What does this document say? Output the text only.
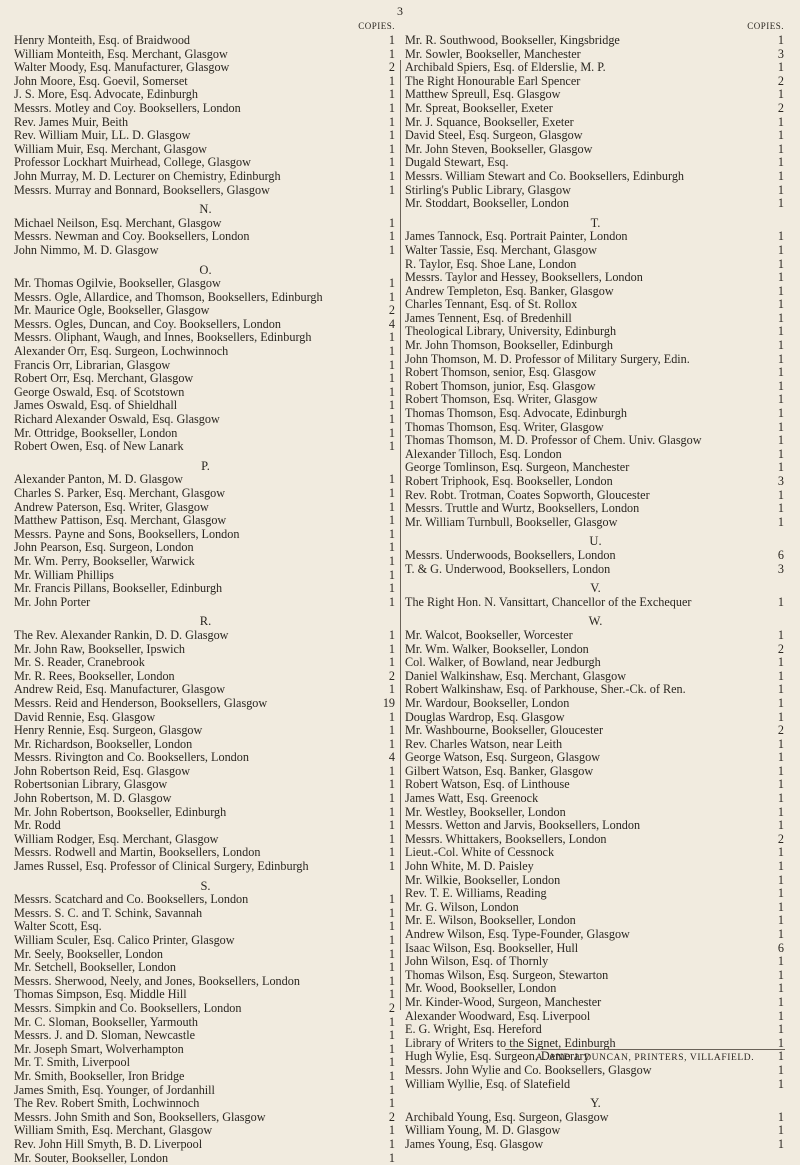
3
COPIES.
Henry Monteith, Esq. of Braidwood	1
William Monteith, Esq. Merchant, Glasgow	1
Walter Moody, Esq. Manufacturer, Glasgow	2
John Moore, Esq. Goevil, Somerset	1
J. S. More, Esq. Advocate, Edinburgh	1
Messrs. Motley and Coy. Booksellers, London	1
Rev. James Muir, Beith	1
Rev. William Muir, LL. D. Glasgow	1
William Muir, Esq. Merchant, Glasgow	1
Professor Lockhart Muirhead, College, Glasgow	1
John Murray, M. D. Lecturer on Chemistry, Edinburgh	1
Messrs. Murray and Bonnard, Booksellers, Glasgow	1
N.
Michael Neilson, Esq. Merchant, Glasgow	1
Messrs. Newman and Coy. Booksellers, London	1
John Nimmo, M. D. Glasgow	1
O.
Mr. Thomas Ogilvie, Bookseller, Glasgow	1
Messrs. Ogle, Allardice, and Thomson, Booksellers, Edinburgh	1
Mr. Maurice Ogle, Bookseller, Glasgow	2
Messrs. Ogles, Duncan, and Coy. Booksellers, London	4
Messrs. Oliphant, Waugh, and Innes, Booksellers, Edinburgh	1
Alexander Orr, Esq. Surgeon, Lochwinnoch	1
Francis Orr, Librarian, Glasgow	1
Robert Orr, Esq. Merchant, Glasgow	1
George Oswald, Esq. of Scotstown	1
James Oswald, Esq. of Shieldhall	1
Richard Alexander Oswald, Esq. Glasgow	1
Mr. Ottridge, Bookseller, London	1
Robert Owen, Esq. of New Lanark	1
P.
Alexander Panton, M. D. Glasgow	1
Charles S. Parker, Esq. Merchant, Glasgow	1
Andrew Paterson, Esq. Writer, Glasgow	1
Matthew Pattison, Esq. Merchant, Glasgow	1
Messrs. Payne and Sons, Booksellers, London	1
John Pearson, Esq. Surgeon, London	1
Mr. Wm. Perry, Bookseller, Warwick	1
Mr. William Phillips	1
Mr. Francis Pillans, Bookseller, Edinburgh	1
Mr. John Porter	1
R.
The Rev. Alexander Rankin, D. D. Glasgow	1
Mr. John Raw, Bookseller, Ipswich	1
Mr. S. Reader, Cranebrook	1
Mr. R. Rees, Bookseller, London	2
Andrew Reid, Esq. Manufacturer, Glasgow	1
Messrs. Reid and Henderson, Booksellers, Glasgow	19
David Rennie, Esq. Glasgow	1
Henry Rennie, Esq. Surgeon, Glasgow	1
Mr. Richardson, Bookseller, London	1
Messrs. Rivington and Co. Booksellers, London	4
John Robertson Reid, Esq. Glasgow	1
Robertsonian Library, Glasgow	1
John Robertson, M. D. Glasgow	1
Mr. John Robertson, Bookseller, Edinburgh	1
Mr. Rodd	1
William Rodger, Esq. Merchant, Glasgow	1
Messrs. Rodwell and Martin, Booksellers, London	1
James Russel, Esq. Professor of Clinical Surgery, Edinburgh	1
S.
Messrs. Scatchard and Co. Booksellers, London	1
Messrs. S. C. and T. Schink, Savannah	1
Walter Scott, Esq.	1
William Sculer, Esq. Calico Printer, Glasgow	1
Mr. Seely, Bookseller, London	1
Mr. Setchell, Bookseller, London	1
Messrs. Sherwood, Neely, and Jones, Booksellers, London	1
Thomas Simpson, Esq. Middle Hill	1
Messrs. Simpkin and Co. Booksellers, London	2
Mr. C. Sloman, Bookseller, Yarmouth	1
Messrs. J. and D. Sloman, Newcastle	1
Mr. Joseph Smart, Wolverhampton	1
Mr. T. Smith, Liverpool	1
Mr. Smith, Bookseller, Iron Bridge	1
James Smith, Esq. Younger, of Jordanhill	1
The Rev. Robert Smith, Lochwinnoch	1
Messrs. John Smith and Son, Booksellers, Glasgow	2
William Smith, Esq. Merchant, Glasgow	1
Rev. John Hill Smyth, B. D. Liverpool	1
Mr. Souter, Bookseller, London	1
COPIES.
Mr. R. Southwood, Bookseller, Kingsbridge	1
Mr. Sowler, Bookseller, Manchester	3
Archibald Spiers, Esq. of Elderslie, M. P.	1
The Right Honourable Earl Spencer	2
Matthew Spreull, Esq. Glasgow	1
Mr. Spreat, Bookseller, Exeter	2
Mr. J. Squance, Bookseller, Exeter	1
David Steel, Esq. Surgeon, Glasgow	1
Mr. John Steven, Bookseller, Glasgow	1
Dugald Stewart, Esq.	1
Messrs. William Stewart and Co. Booksellers, Edinburgh	1
Stirling's Public Library, Glasgow	1
Mr. Stoddart, Bookseller, London	1
T.
James Tannock, Esq. Portrait Painter, London	1
Walter Tassie, Esq. Merchant, Glasgow	1
R. Taylor, Esq. Shoe Lane, London	1
Messrs. Taylor and Hessey, Booksellers, London	1
Andrew Templeton, Esq. Banker, Glasgow	1
Charles Tennant, Esq. of St. Rollox	1
James Tennent, Esq. of Bredenhill	1
Theological Library, University, Edinburgh	1
Mr. John Thomson, Bookseller, Edinburgh	1
John Thomson, M. D. Professor of Military Surgery, Edin.	1
Robert Thomson, senior, Esq. Glasgow	1
Robert Thomson, junior, Esq. Glasgow	1
Robert Thomson, Esq. Writer, Glasgow	1
Thomas Thomson, Esq. Advocate, Edinburgh	1
Thomas Thomson, Esq. Writer, Glasgow	1
Thomas Thomson, M. D. Professor of Chem. Univ. Glasgow	1
Alexander Tilloch, Esq. London	1
George Tomlinson, Esq. Surgeon, Manchester	1
Robert Triphook, Esq. Bookseller, London	3
Rev. Robt. Trotman, Coates Sopworth, Gloucester	1
Messrs. Truttle and Wurtz, Booksellers, London	1
Mr. William Turnbull, Bookseller, Glasgow	1
U.
Messrs. Underwoods, Booksellers, London	6
T. & G. Underwood, Booksellers, London	3
V.
The Right Hon. N. Vansittart, Chancellor of the Exchequer	1
W.
Mr. Walcot, Bookseller, Worcester	1
Mr. Wm. Walker, Bookseller, London	2
Col. Walker, of Bowland, near Jedburgh	1
Daniel Walkinshaw, Esq. Merchant, Glasgow	1
Robert Walkinshaw, Esq. of Parkhouse, Sher.-Ck. of Ren.	1
Mr. Wardour, Bookseller, London	1
Douglas Wardrop, Esq. Glasgow	1
Mr. Washbourne, Bookseller, Gloucester	2
Rev. Charles Watson, near Leith	1
George Watson, Esq. Surgeon, Glasgow	1
Gilbert Watson, Esq. Banker, Glasgow	1
Robert Watson, Esq. of Linthouse	1
James Watt, Esq. Greenock	1
Mr. Westley, Bookseller, London	1
Messrs. Wetton and Jarvis, Booksellers, London	1
Messrs. Whittakers, Booksellers, London	2
Lieut.-Col. White of Cessnock	1
John White, M. D. Paisley	1
Mr. Wilkie, Bookseller, London	1
Rev. T. E. Williams, Reading	1
Mr. G. Wilson, London	1
Mr. E. Wilson, Bookseller, London	1
Andrew Wilson, Esq. Type-Founder, Glasgow	1
Isaac Wilson, Esq. Bookseller, Hull	6
John Wilson, Esq. of Thornly	1
Thomas Wilson, Esq. Surgeon, Stewarton	1
Mr. Wood, Bookseller, London	1
Mr. Kinder-Wood, Surgeon, Manchester	1
Alexander Woodward, Esq. Liverpool	1
E. G. Wright, Esq. Hereford	1
Library of Writers to the Signet, Edinburgh	1
Hugh Wylie, Esq. Surgeon, Demerary	1
Messrs. John Wylie and Co. Booksellers, Glasgow	1
William Wyllie, Esq. of Slatefield	1
Y.
Archibald Young, Esq. Surgeon, Glasgow	1
William Young, M. D. Glasgow	1
James Young, Esq. Glasgow	1
A. AND J. DUNCAN, PRINTERS, VILLAFIELD.
